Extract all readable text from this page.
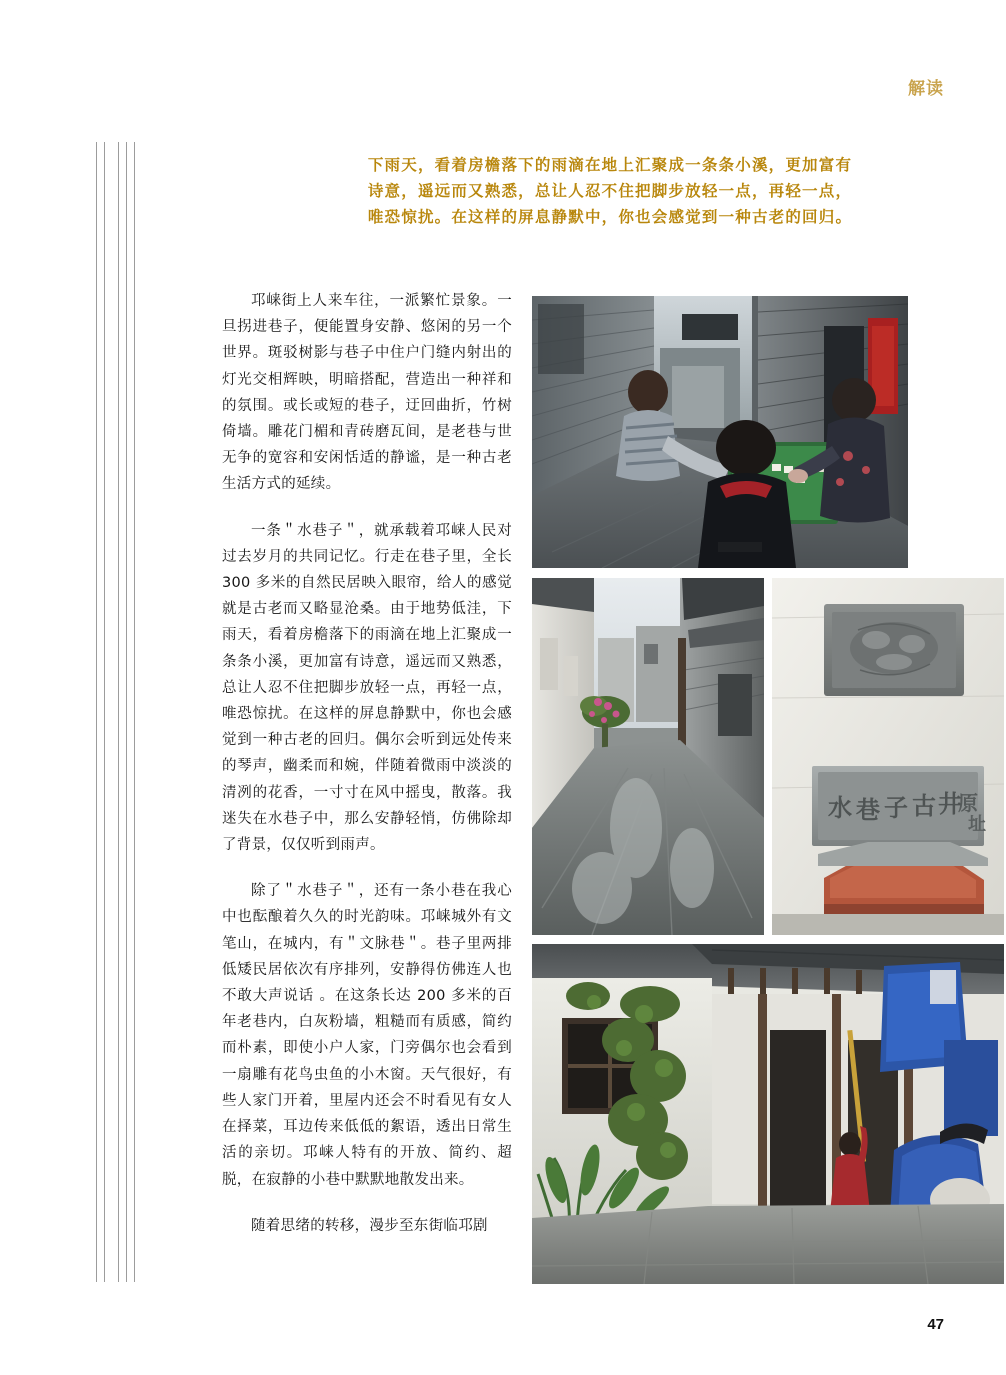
解读

下雨天，看着房檐落下的雨滴在地上汇聚成一条条小溪，更加富有

诗意，遥远而又熟悉，总让人忍不住把脚步放轻一点，再轻一点，

唯恐惊扰。在这样的屏息静默中，你也会感觉到一种古老的回归。

邛崃街上人来车往，一派繁忙景象。一旦拐进巷子，便能置身安静、悠闲的另一个世界。斑驳树影与巷子中住户门缝内射出的灯光交相辉映，明暗搭配，营造出一种祥和的氛围。或长或短的巷子，迂回曲折，竹树倚墙。雕花门楣和青砖磨瓦间，是老巷与世无争的宽容和安闲恬适的静谧，是一种古老生活方式的延续。

一条＂水巷子＂，就承载着邛崃人民对过去岁月的共同记忆。行走在巷子里，全长 300 多米的自然民居映入眼帘，给人的感觉就是古老而又略显沧桑。由于地势低洼，下雨天，看着房檐落下的雨滴在地上汇聚成一条条小溪，更加富有诗意，遥远而又熟悉，总让人忍不住把脚步放轻一点，再轻一点，唯恐惊扰。在这样的屏息静默中，你也会感觉到一种古老的回归。偶尔会听到远处传来的琴声，幽柔而和婉，伴随着微雨中淡淡的清冽的花香，一寸寸在风中摇曳，散落。我迷失在水巷子中，那么安静轻悄，仿佛除却了背景，仅仅听到雨声。

除了＂水巷子＂，还有一条小巷在我心中也酝酿着久久的时光韵味。邛崃城外有文笔山，在城内，有＂文脉巷＂。巷子里两排低矮民居依次有序排列，安静得仿佛连人也不敢大声说话 。在这条长达 200 多米的百年老巷内，白灰粉墙，粗糙而有质感，简约而朴素，即使小户人家，门旁偶尔也会看到一扇雕有花鸟虫鱼的小木窗。天气很好，有些人家门开着，里屋内还会不时看见有女人在择菜，耳边传来低低的絮语，透出日常生活的亲切。邛崃人特有的开放、简约、超脱，在寂静的小巷中默默地散发出来。

随着思绪的转移，漫步至东街临邛剧

水 巷 子 古 井
原
址
47
